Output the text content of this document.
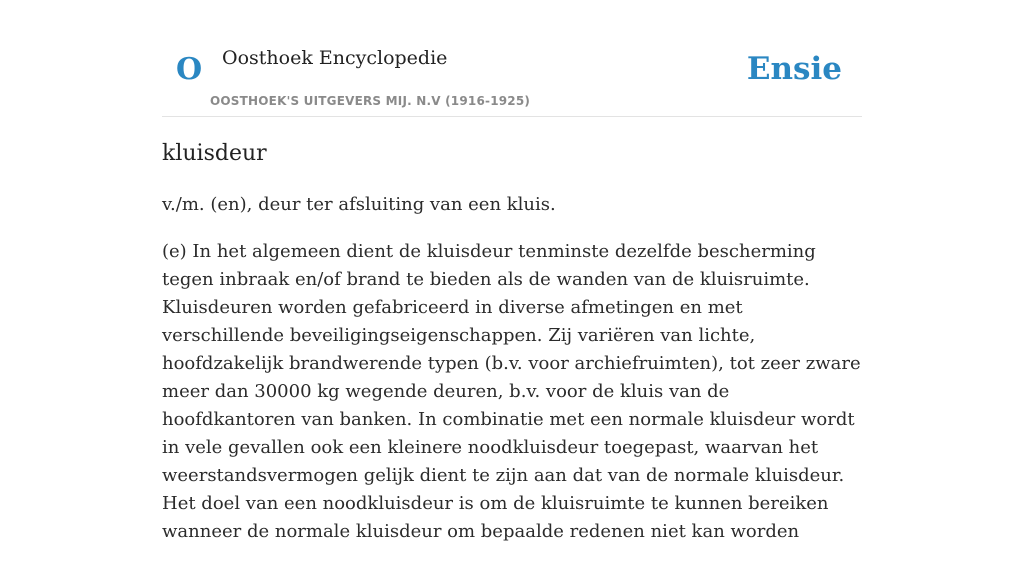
O Oosthoek Encyclopedie
OOSTHOEK'S UITGEVERS MIJ. N.V (1916-1925)
Ensie
kluisdeur

v./m. (en), deur ter afsluiting van een kluis.

(e) In het algemeen dient de kluisdeur tenminste dezelfde bescherming tegen inbraak en/of brand te bieden als de wanden van de kluisruimte. Kluisdeuren worden gefabriceerd in diverse afmetingen en met verschillende beveiligingseigenschappen. Zij variëren van lichte, hoofdzakelijk brandwerende typen (b.v. voor archiefruimten), tot zeer zware meer dan 30000 kg wegende deuren, b.v. voor de kluis van de hoofdkantoren van banken. In combinatie met een normale kluisdeur wordt in vele gevallen ook een kleinere noodkluisdeur toegepast, waarvan het weerstandsvermogen gelijk dient te zijn aan dat van de normale kluisdeur. Het doel van een noodkluisdeur is om de kluisruimte te kunnen bereiken wanneer de normale kluisdeur om bepaalde redenen niet kan worden
